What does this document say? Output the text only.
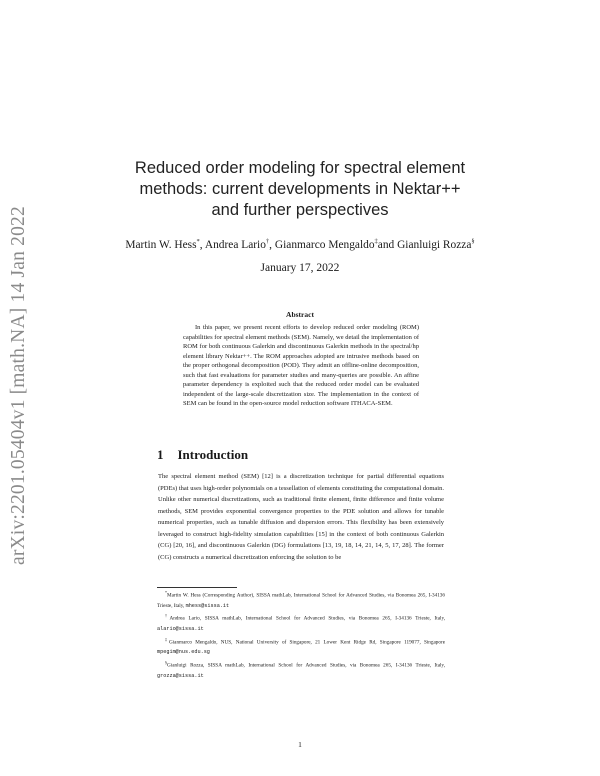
arXiv:2201.05404v1 [math.NA] 14 Jan 2022
Reduced order modeling for spectral element methods: current developments in Nektar++ and further perspectives
Martin W. Hess*, Andrea Lario†, Gianmarco Mengaldo‡and Gianluigi Rozza§
January 17, 2022
Abstract
In this paper, we present recent efforts to develop reduced order modeling (ROM) capabilities for spectral element methods (SEM). Namely, we detail the implementation of ROM for both continuous Galerkin and discontinuous Galerkin methods in the spectral/hp element library Nektar++. The ROM approaches adopted are intrusive methods based on the proper orthogonal decomposition (POD). They admit an offline-online decomposition, such that fast evaluations for parameter studies and many-queries are possible. An affine parameter dependency is exploited such that the reduced order model can be evaluated independent of the large-scale discretization size. The implementation in the context of SEM can be found in the open-source model reduction software ITHACA-SEM.
1 Introduction
The spectral element method (SEM) [12] is a discretization technique for partial differential equations (PDEs) that uses high-order polynomials on a tessellation of elements constituting the computational domain. Unlike other numerical discretizations, such as traditional finite element, finite difference and finite volume methods, SEM provides exponential convergence properties to the PDE solution and allows for tunable numerical properties, such as tunable diffusion and dispersion errors. This flexibility has been extensively leveraged to construct high-fidelity simulation capabilities [15] in the context of both continuous Galerkin (CG) [20, 16], and discontinuous Galerkin (DG) formulations [13, 19, 18, 14, 21, 14, 5, 17, 28]. The former (CG) constructs a numerical discretization enforcing the solution to be
*Martin W. Hess (Corresponding Author), SISSA mathLab, International School for Advanced Studies, via Bonomea 265, I-34136 Trieste, Italy, mhess@sissa.it
†Andrea Lario, SISSA mathLab, International School for Advanced Studies, via Bonomea 265, I-34136 Trieste, Italy, alario@sissa.it
‡Gianmarco Mengaldo, NUS, National University of Singapore, 21 Lower Kent Ridge Rd, Singapore 119077, Singapore mpegim@nus.edu.sg
§Gianluigi Rozza, SISSA mathLab, International School for Advanced Studies, via Bonomea 265, I-34136 Trieste, Italy, grozza@sissa.it
1
